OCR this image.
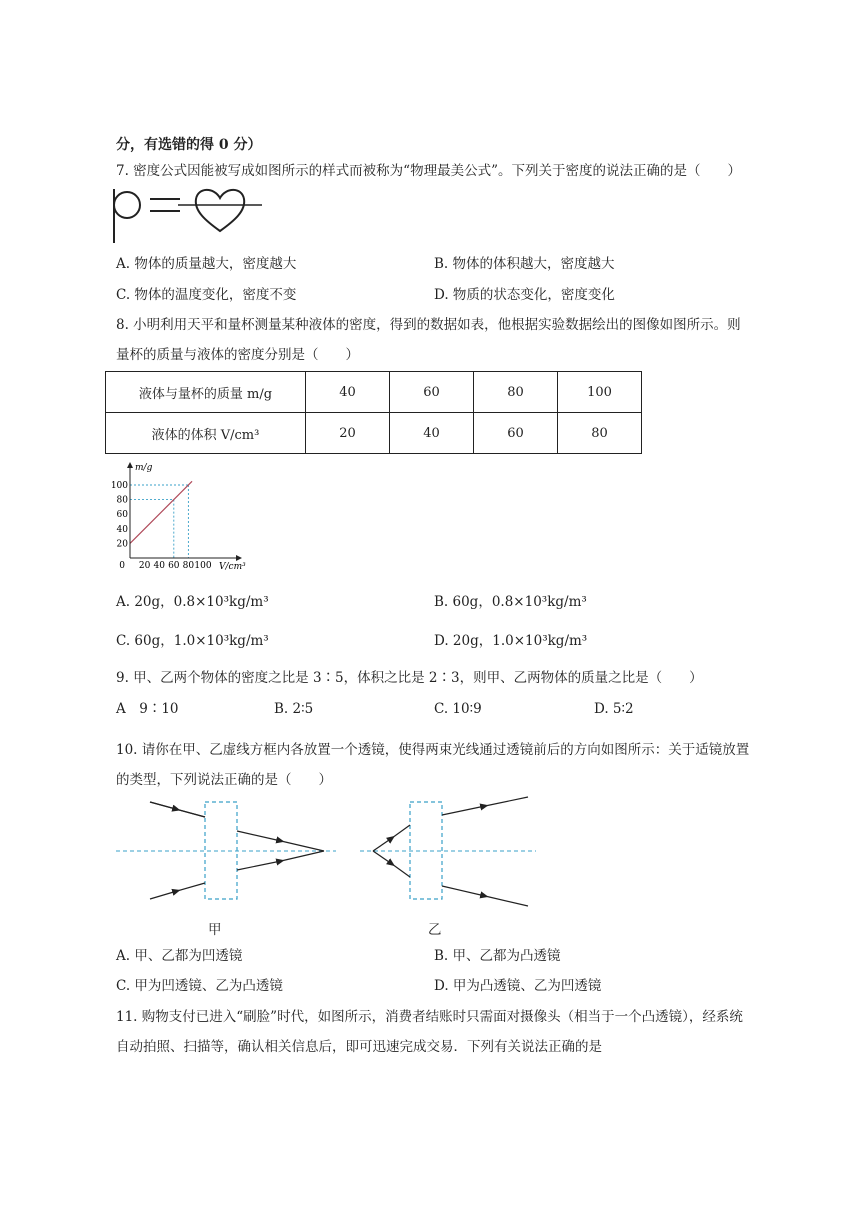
分，有选错的得 0 分）
7. 密度公式因能被写成如图所示的样式而被称为“物理最美公式”。下列关于密度的说法正确的是（　　）
A. 物体的质量越大，密度越大	B. 物体的体积越大，密度越大
C. 物体的温度变化，密度不变	D. 物质的状态变化，密度变化
8. 小明利用天平和量杯测量某种液体的密度，得到的数据如表，他根据实验数据绘出的图像如图所示。则
量杯的质量与液体的密度分别是（　　）
液体与量杯的质量 m/g	40	60	80	100
液体的体积 V/cm³	20	40	60	80
20 40 60 80 100
20
40
60
80
100
m/g
V/cm³
0
A. 20g，0.8×10³kg/m³	B. 60g，0.8×10³kg/m³
C. 60g，1.0×10³kg/m³	D. 20g，1.0×10³kg/m³
9. 甲、乙两个物体的密度之比是 3∶5，体积之比是 2∶3，则甲、乙两物体的质量之比是（　　）
A　9∶10	B. 2∶5	C. 10∶9	D. 5∶2
10. 请你在甲、乙虚线方框内各放置一个透镜，使得两束光线通过透镜前后的方向如图所示：关于适镜放置
的类型，下列说法正确的是（　　）
甲	乙
A. 甲、乙都为凹透镜	B. 甲、乙都为凸透镜
C. 甲为凹透镜、乙为凸透镜	D. 甲为凸透镜、乙为凹透镜
11. 购物支付已进入“刷脸”时代，如图所示，消费者结账时只需面对摄像头（相当于一个凸透镜），经系统
自动拍照、扫描等，确认相关信息后，即可迅速完成交易．下列有关说法正确的是
